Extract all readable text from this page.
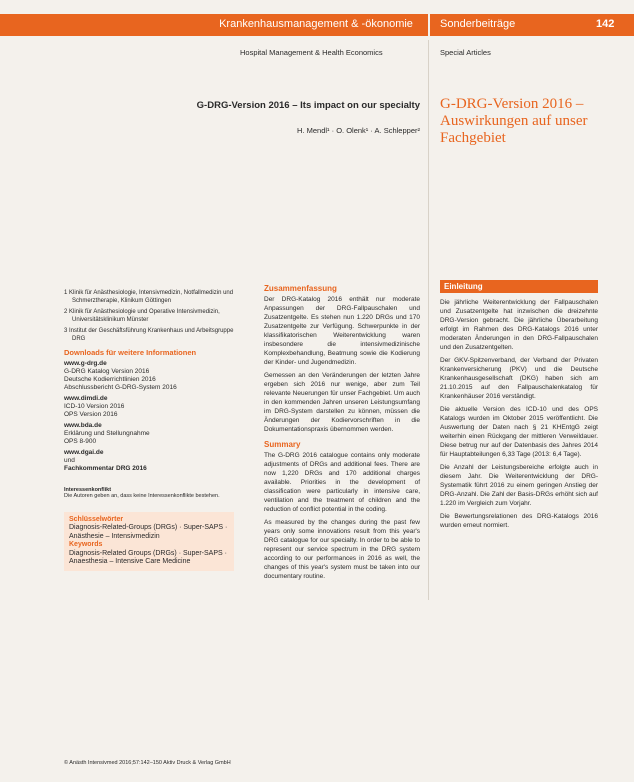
Krankenhausmanagement & -ökonomie	Sonderbeiträge	142
Hospital Management & Health Economics	Special Articles
G-DRG-Version 2016 – Its impact on our specialty
H. Mendl¹ · O. Olenk¹ · A. Schlepper²
G-DRG-Version 2016 – Auswirkungen auf unser Fachgebiet
1 Klinik für Anästhesiologie, Intensivmedizin, Notfallmedizin und Schmerztherapie, Klinikum Göttingen
2 Klinik für Anästhesiologie und Operative Intensivmedizin, Universitätsklinikum Münster
3 Institut der Geschäftsführung Krankenhaus und Arbeitsgruppe DRG
Downloads für weitere Informationen
www.g-drg.de
G-DRG Katalog Version 2016
Deutsche Kodierrichtlinien 2016
Abschlussbericht G-DRG-System 2016
www.dimdi.de
ICD-10 Version 2016
OPS Version 2016
www.bda.de
Erklärung und Stellungnahme
OPS 8-900
www.dgai.de
und
Fachkommentar DRG 2016
Interessenkonflikt
Die Autoren geben an, dass keine Interessenkonflikte bestehen.
Schlüsselwörter
Diagnosis-Related-Groups (DRGs) · Super-SAPS · Anästhesie – Intensivmedizin
Keywords
Diagnosis-Related Groups (DRGs) · Super-SAPS · Anaesthesia – Intensive Care Medicine
Zusammenfassung

Der DRG-Katalog 2016 enthält nur moderate Anpassungen der DRG-Fallpauschalen und Zusatzentgelte. Es stehen nun 1.220 DRGs und 170 Zusatzentgelte zur Verfügung. Schwerpunkte in der klassifikatorischen Weiterentwicklung waren insbesondere die intensivmedizinische Komplexbehandlung, Beatmung sowie die Kodierung der Kinder- und Jugendmedizin.

Gemessen an den Veränderungen der letzten Jahre ergeben sich 2016 nur wenige, aber zum Teil relevante Neuerungen für unser Fachgebiet. Um auch in den kommenden Jahren unseren Leistungsumfang im DRG-System darstellen zu können, müssen die Änderungen der Kodiervorschriften in die Dokumentationspraxis übernommen werden.

Summary

The G-DRG 2016 catalogue contains only moderate adjustments of DRGs and additional fees. There are now 1,220 DRGs and 170 additional charges available. Priorities in the development of classification were particularly in intensive care, ventilation and the treatment of children and the reduction of conflict potential in the coding.

As measured by the changes during the past few years only some innovations result from this year's DRG catalogue for our specialty. In order to be able to represent our service spectrum in the DRG system according to our performances in 2016 as well, the changes of this year's system must be taken into our documentary routine.

Einleitung

Die jährliche Weiterentwicklung der Fallpauschalen und Zusatzentgelte hat inzwischen die dreizehnte DRG-Version gebracht. Die jährliche Überarbeitung erfolgt im Rahmen des DRG-Katalogs 2016 unter moderaten Änderungen in den DRG-Fallpauschalen und den Zusatzentgelten.

Der GKV-Spitzenverband, der Verband der Privaten Krankenversicherung (PKV) und die Deutsche Krankenhausgesellschaft (DKG) haben sich am 21.10.2015 auf den Fallpauschalenkatalog für Krankenhäuser 2016 verständigt.

Die aktuelle Version des ICD-10 und des OPS Katalogs wurden im Oktober 2015 veröffentlicht. Die Auswertung der Daten nach § 21 KHEntgG zeigt weiterhin einen Rückgang der mittleren Verweildauer. Diese betrug nur auf der Datenbasis des Jahres 2014 für Hauptabteilungen 6,33 Tage (2013: 6,4 Tage).

Die Anzahl der Leistungsbereiche erfolgte auch in diesem Jahr. Die Weiterentwicklung der DRG-Systematik führt 2016 zu einem geringen Anstieg der DRG-Anzahl. Die Zahl der Basis-DRGs erhöht sich auf 1.220 im Vergleich zum Vorjahr.

Die Bewertungsrelationen des DRG-Katalogs 2016 wurden erneut normiert.

© Anästh Intensivmed 2016;57:142–150 Aktiv Druck & Verlag GmbH
